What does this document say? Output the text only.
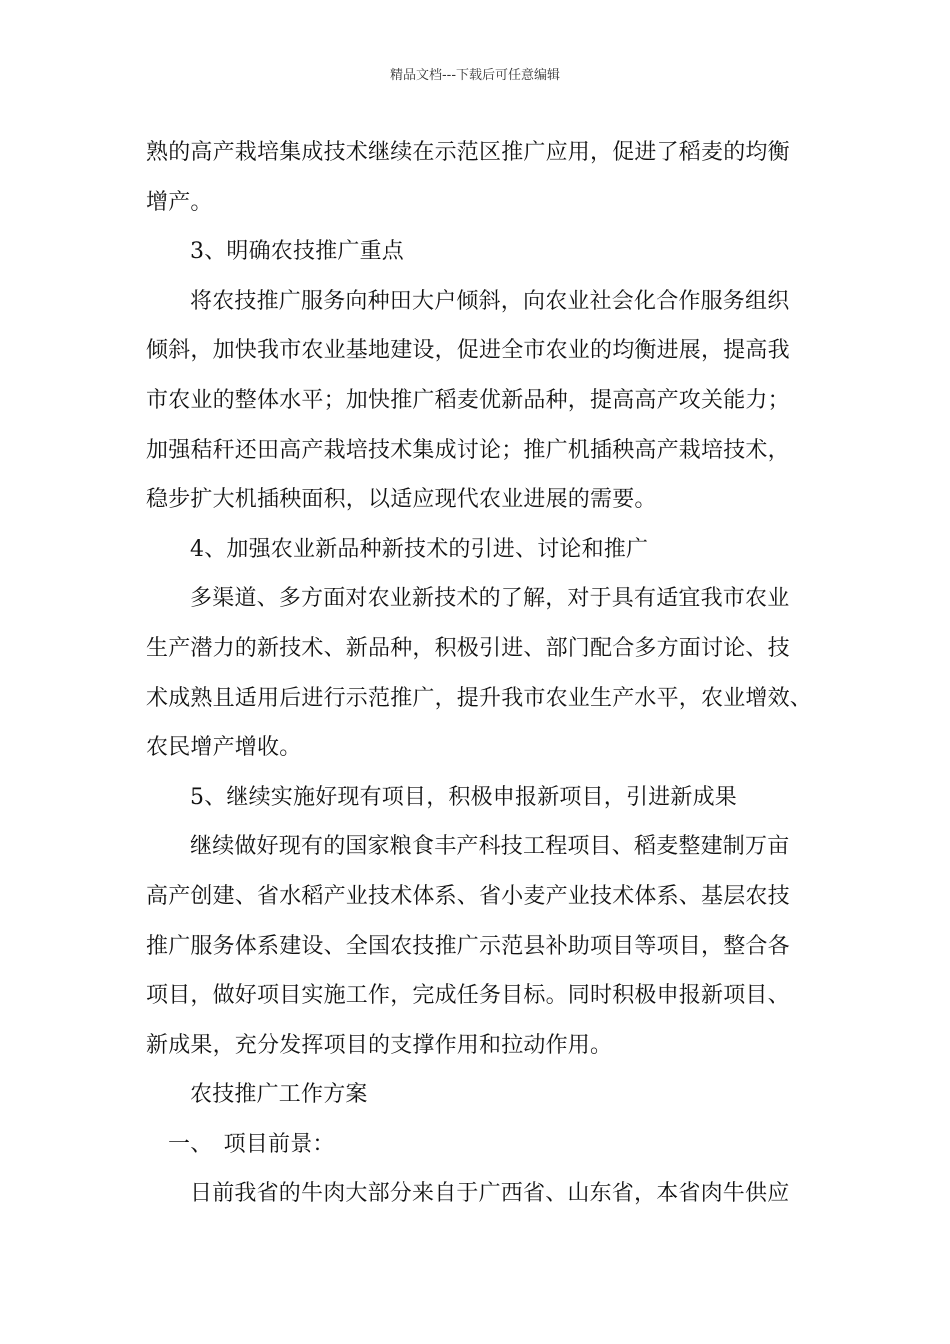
精品文档---下载后可任意编辑
熟的高产栽培集成技术继续在示范区推广应用，促进了稻麦的均衡
增产。
3、明确农技推广重点
将农技推广服务向种田大户倾斜，向农业社会化合作服务组织
倾斜，加快我市农业基地建设，促进全市农业的均衡进展，提高我
市农业的整体水平；加快推广稻麦优新品种，提高高产攻关能力；
加强秸秆还田高产栽培技术集成讨论；推广机插秧高产栽培技术，
稳步扩大机插秧面积，以适应现代农业进展的需要。
4、加强农业新品种新技术的引进、讨论和推广
多渠道、多方面对农业新技术的了解，对于具有适宜我市农业
生产潜力的新技术、新品种，积极引进、部门配合多方面讨论、技
术成熟且适用后进行示范推广，提升我市农业生产水平，农业增效、
农民增产增收。
5、继续实施好现有项目，积极申报新项目，引进新成果
继续做好现有的国家粮食丰产科技工程项目、稻麦整建制万亩
高产创建、省水稻产业技术体系、省小麦产业技术体系、基层农技
推广服务体系建设、全国农技推广示范县补助项目等项目，整合各
项目，做好项目实施工作，完成任务目标。同时积极申报新项目、
新成果，充分发挥项目的支撑作用和拉动作用。
农技推广工作方案
一、　项目前景：
日前我省的牛肉大部分来自于广西省、山东省，本省肉牛供应
